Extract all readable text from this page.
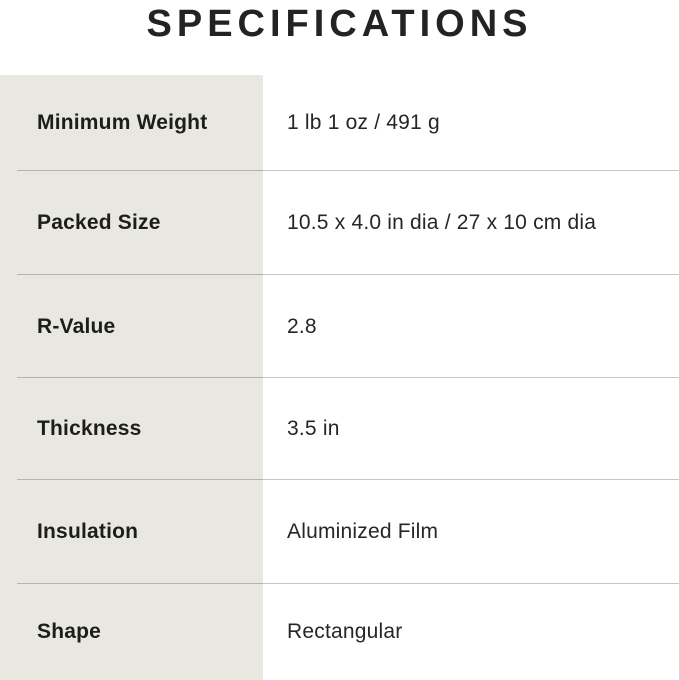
SPECIFICATIONS
Minimum Weight	1 lb 1 oz / 491 g
Packed Size	10.5 x 4.0 in dia / 27 x 10 cm dia
R-Value	2.8
Thickness	3.5 in
Insulation	Aluminized Film
Shape	Rectangular
